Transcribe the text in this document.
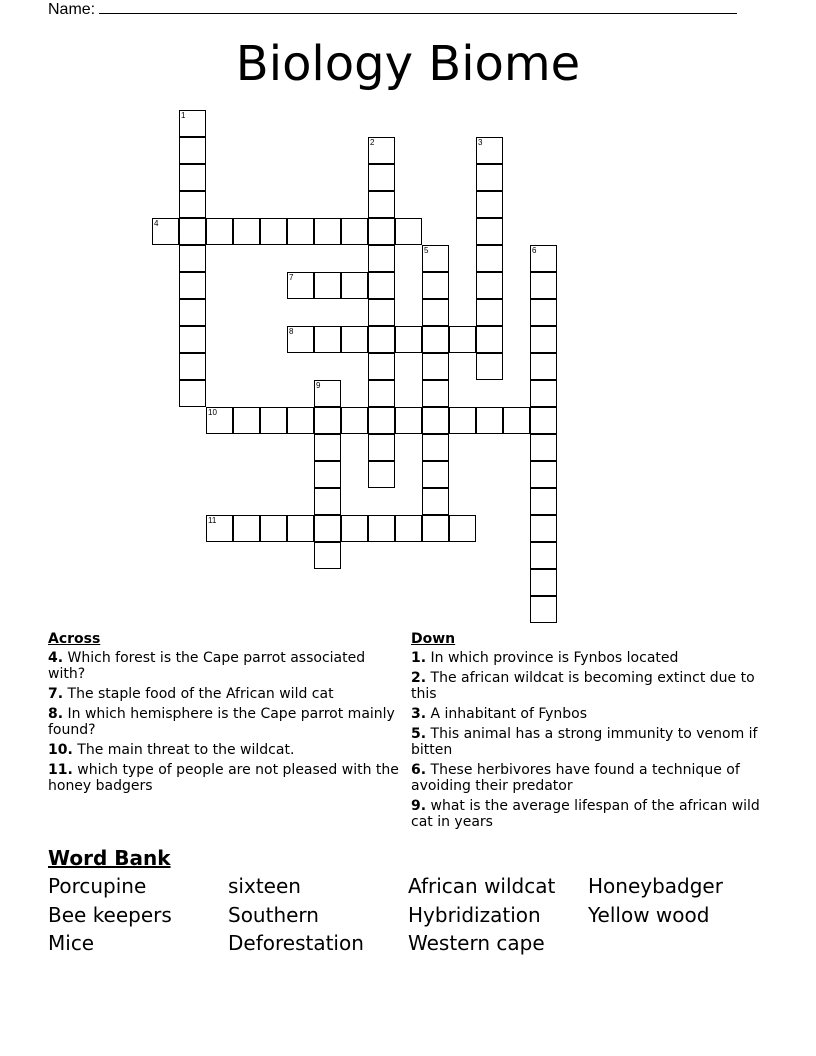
Name:
Biology Biome
1
2	3
4
5	6
7
8
9
10
11
Across
4. Which forest is the Cape parrot associated with?
7. The staple food of the African wild cat
8. In which hemisphere is the Cape parrot mainly found?
10. The main threat to the wildcat.
11. which type of people are not pleased with the honey badgers
Down
1. In which province is Fynbos located
2. The african wildcat is becoming extinct due to this
3. A inhabitant of Fynbos
5. This animal has a strong immunity to venom if bitten
6. These herbivores have found a technique of avoiding their predator
9. what is the average lifespan of the african wild cat in years
Word Bank
Porcupine	sixteen	African wildcat	Honeybadger
Bee keepers	Southern	Hybridization	Yellow wood
Mice	Deforestation	Western cape
